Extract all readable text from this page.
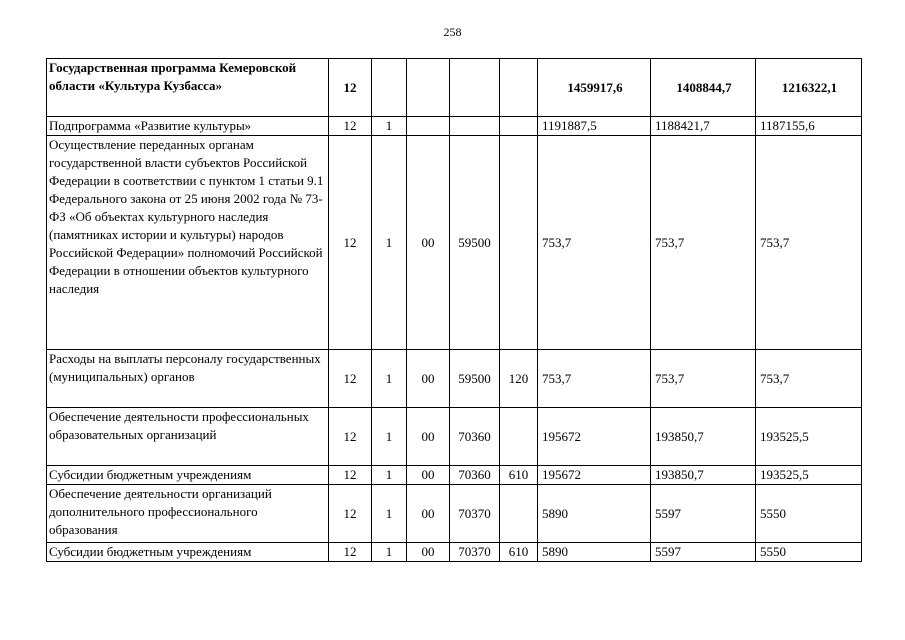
258
Государственная программа Кемеровской области «Культура Кузбасса»	12					1459917,6	1408844,7	1216322,1
Подпрограмма «Развитие культуры»	12	1				1191887,5	1188421,7	1187155,6
Осуществление переданных органам государственной власти субъектов Российской Федерации в соответствии с пунктом 1 статьи 9.1 Федерального закона от 25 июня 2002 года № 73-ФЗ «Об объектах культурного наследия (памятниках истории и культуры) народов Российской Федерации» полномочий Российской Федерации в отношении объектов культурного наследия	12	1	00	59500		753,7	753,7	753,7
Расходы на выплаты персоналу государственных (муниципальных) органов	12	1	00	59500	120	753,7	753,7	753,7
Обеспечение деятельности профессиональных образовательных организаций	12	1	00	70360		195672	193850,7	193525,5
Субсидии бюджетным учреждениям	12	1	00	70360	610	195672	193850,7	193525,5
Обеспечение деятельности организаций дополнительного профессионального образования	12	1	00	70370		5890	5597	5550
Субсидии бюджетным учреждениям	12	1	00	70370	610	5890	5597	5550
